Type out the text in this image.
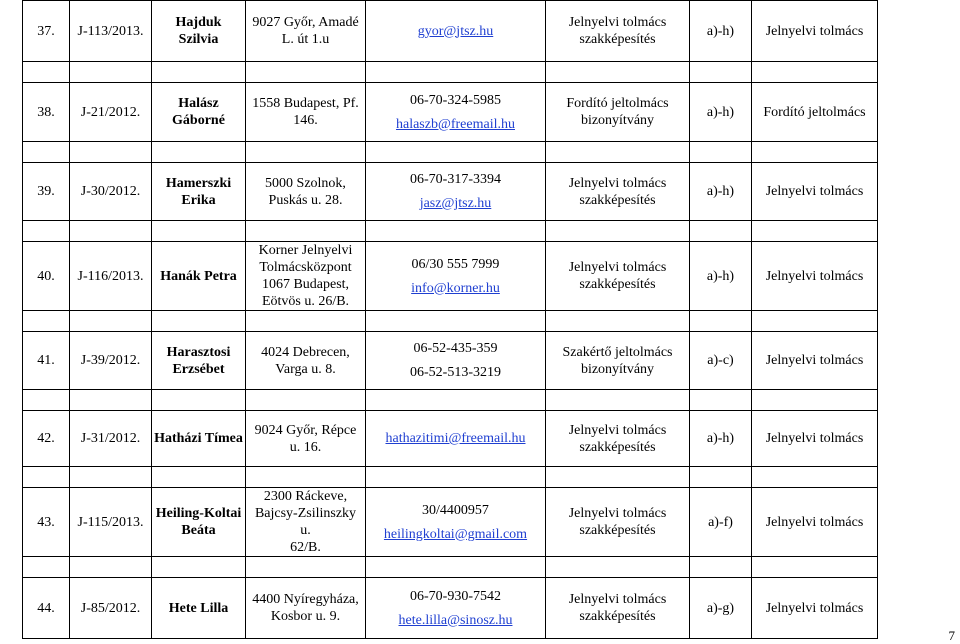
37.	J-113/2013.	Hajduk Szilvia	9027 Győr, Amadé
L. út 1.u	gyor@jtsz.hu	Jelnyelvi tolmács
szakképesítés	a)-h)	Jelnyelvi tolmács

38.	J-21/2012.	Halász
Gáborné	1558 Budapest, Pf.
146.	06-70-324-5985
halaszb@freemail.hu	Fordító jeltolmács
bizonyítvány	a)-h)	Fordító jeltolmács

39.	J-30/2012.	Hamerszki
Erika	5000 Szolnok,
Puskás u. 28.	06-70-317-3394
jasz@jtsz.hu	Jelnyelvi tolmács
szakképesítés	a)-h)	Jelnyelvi tolmács

40.	J-116/2013.	Hanák Petra	Korner Jelnyelvi
Tolmácsközpont
1067 Budapest,
Eötvös u. 26/B.	06/30 555 7999
info@korner.hu	Jelnyelvi tolmács
szakképesítés	a)-h)	Jelnyelvi tolmács

41.	J-39/2012.	Harasztosi
Erzsébet	4024 Debrecen,
Varga u. 8.	06-52-435-359
06-52-513-3219	Szakértő jeltolmács
bizonyítvány	a)-c)	Jelnyelvi tolmács

42.	J-31/2012.	Hatházi Tímea	9024 Győr, Répce
u. 16.	hathazitimi@freemail.hu	Jelnyelvi tolmács
szakképesítés	a)-h)	Jelnyelvi tolmács

43.	J-115/2013.	Heiling-Koltai
Beáta	2300 Ráckeve,
Bajcsy-Zsilinszky u.
62/B.	30/4400957
heilingkoltai@gmail.com	Jelnyelvi tolmács
szakképesítés	a)-f)	Jelnyelvi tolmács

44.	J-85/2012.	Hete Lilla	4400 Nyíregyháza,
Kosbor u. 9.	06-70-930-7542
hete.lilla@sinosz.hu	Jelnyelvi tolmács
szakképesítés	a)-g)	Jelnyelvi tolmács
7
